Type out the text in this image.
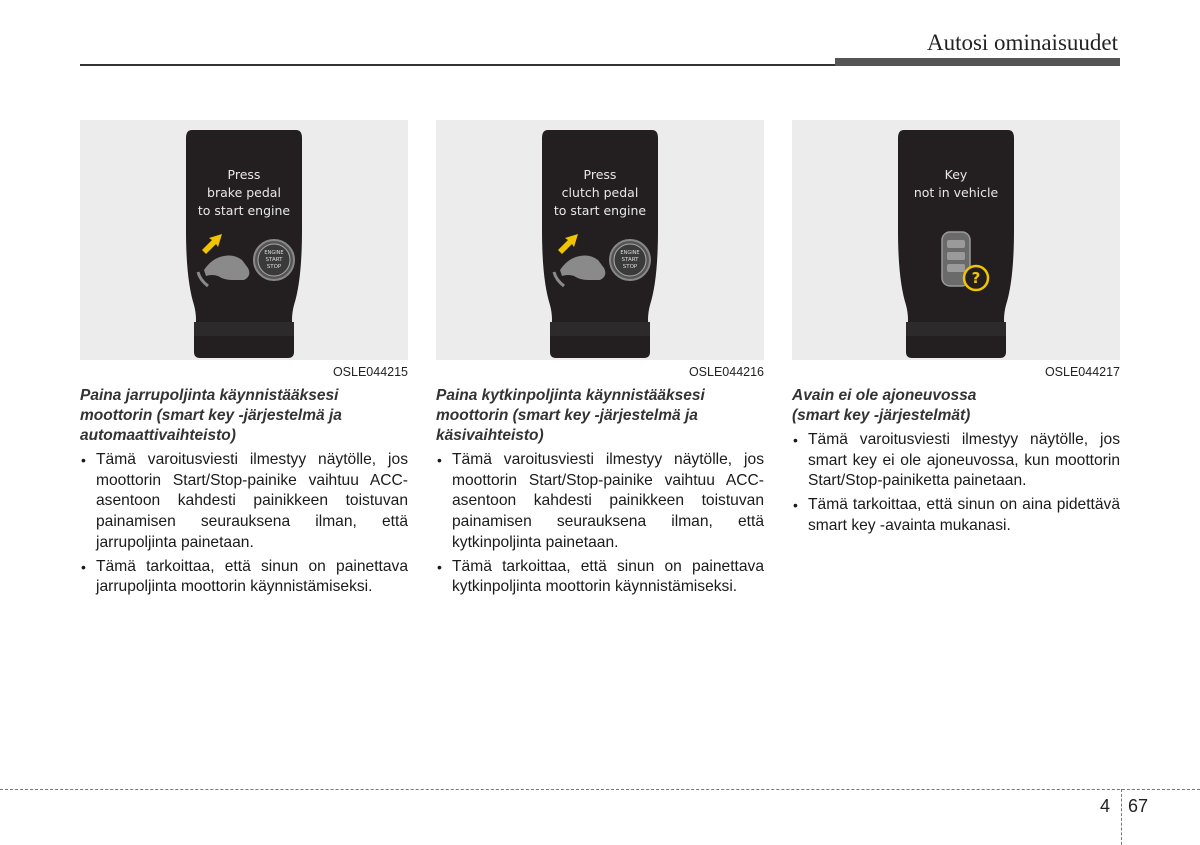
Autosi ominaisuudet
ENGINE
START
STOP
Press
brake pedal
to start engine
OSLE044215
Paina jarrupoljinta käynnistääksesi
moottorin (smart key -järjestelmä ja
automaattivaihteisto)
• Tämä varoitusviesti ilmestyy näytölle, jos moottorin Start/Stop-painike vaihtuu ACC-asentoon kahdesti painikkeen toistuvan painamisen seurauksena ilman, että jarrupoljinta painetaan.
• Tämä tarkoittaa, että sinun on painettava jarrupoljinta moottorin käynnistämiseksi.
ENGINE
START
STOP
Press
clutch pedal
to start engine
OSLE044216
Paina kytkinpoljinta käynnistääksesi
moottorin (smart key -järjestelmä ja
käsivaihteisto)
• Tämä varoitusviesti ilmestyy näytölle, jos moottorin Start/Stop-painike vaihtuu ACC-asentoon kahdesti painikkeen toistuvan painamisen seurauksena ilman, että kytkinpoljinta painetaan.
• Tämä tarkoittaa, että sinun on painettava kytkinpoljinta moottorin käynnistämiseksi.
?
Key
not in vehicle
OSLE044217
Avain ei ole ajoneuvossa
(smart key -järjestelmät)
• Tämä varoitusviesti ilmestyy näytölle, jos smart key ei ole ajoneuvossa, kun moottorin Start/Stop-painiketta painetaan.
• Tämä tarkoittaa, että sinun on aina pidettävä smart key -avainta mukanasi.
4 67
